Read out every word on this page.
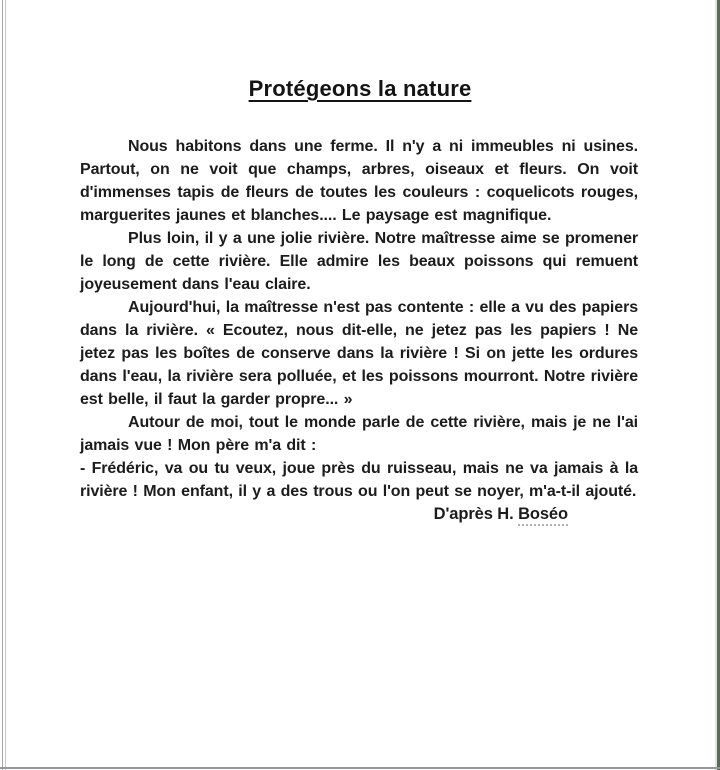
Protégeons la nature

Nous habitons dans une ferme. Il n'y a ni immeubles ni usines. Partout, on ne voit que champs, arbres, oiseaux et fleurs. On voit d'immenses tapis de fleurs de toutes les couleurs : coquelicots rouges, marguerites jaunes et blanches.... Le paysage est magnifique.

Plus loin, il y a une jolie rivière. Notre maîtresse aime se promener le long de cette rivière. Elle admire les beaux poissons qui remuent joyeusement dans l'eau claire.

Aujourd'hui, la maîtresse n'est pas contente : elle a vu des papiers dans la rivière. « Ecoutez, nous dit-elle, ne jetez pas les papiers ! Ne jetez pas les boîtes de conserve dans la rivière ! Si on jette les ordures dans l'eau, la rivière sera polluée, et les poissons mourront. Notre rivière est belle, il faut la garder propre... »

Autour de moi, tout le monde parle de cette rivière, mais je ne l'ai jamais vue ! Mon père m'a dit :

- Frédéric, va ou tu veux, joue près du ruisseau, mais ne va jamais à la rivière ! Mon enfant, il y a des trous ou l'on peut se noyer, m'a-t-il ajouté.

D'après H. Boséo
